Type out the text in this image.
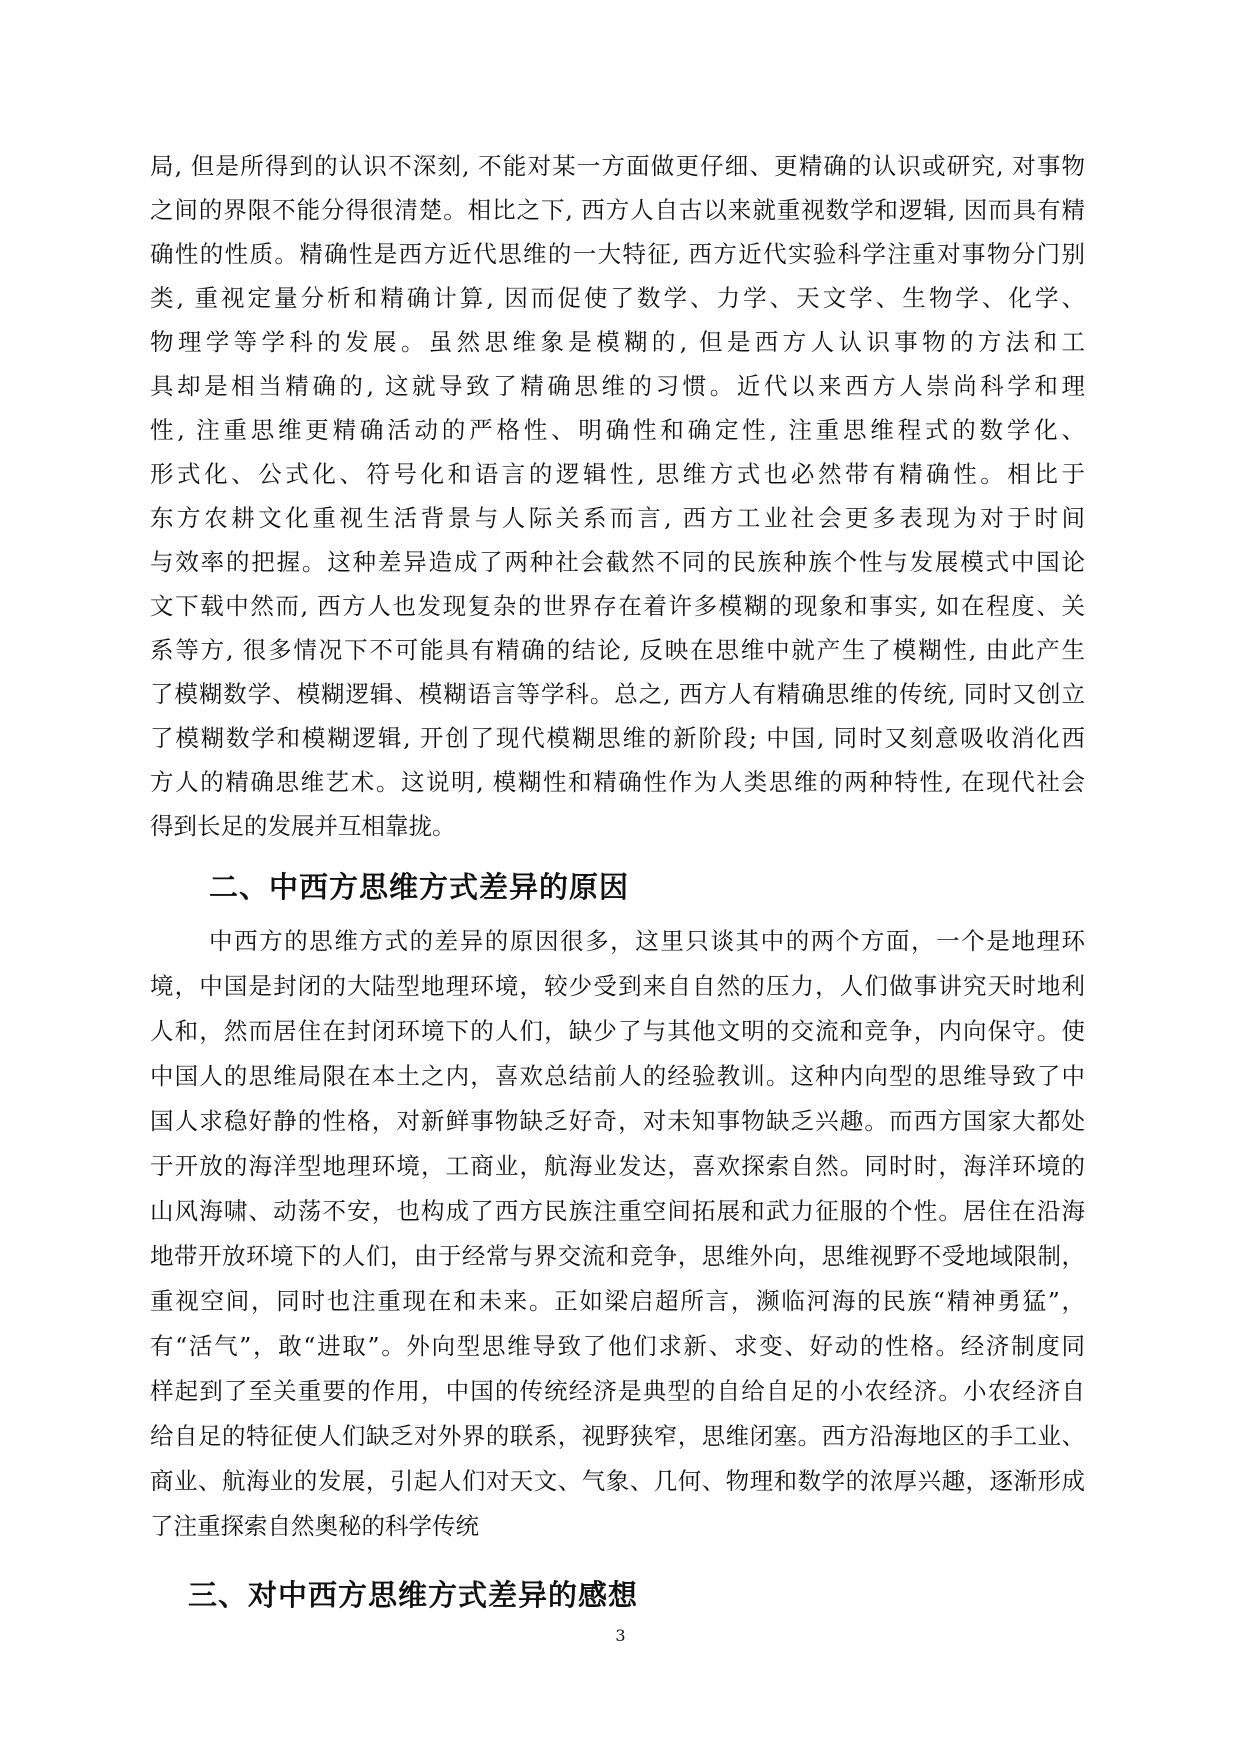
局, 但是所得到的认识不深刻, 不能对某一方面做更仔细、更精确的认识或研究, 对事物
之间的界限不能分得很清楚。相比之下, 西方人自古以来就重视数学和逻辑, 因而具有精
确性的性质。精确性是西方近代思维的一大特征, 西方近代实验科学注重对事物分门别
类, 重视定量分析和精确计算, 因而促使了数学、力学、天文学、生物学、化学、
物理学等学科的发展。虽然思维象是模糊的, 但是西方人认识事物的方法和工
具却是相当精确的, 这就导致了精确思维的习惯。近代以来西方人崇尚科学和理
性, 注重思维更精确活动的严格性、明确性和确定性, 注重思维程式的数学化、
形式化、公式化、符号化和语言的逻辑性, 思维方式也必然带有精确性。相比于
东方农耕文化重视生活背景与人际关系而言, 西方工业社会更多表现为对于时间
与效率的把握。这种差异造成了两种社会截然不同的民族种族个性与发展模式中国论
文下载中然而, 西方人也发现复杂的世界存在着许多模糊的现象和事实, 如在程度、关
系等方, 很多情况下不可能具有精确的结论, 反映在思维中就产生了模糊性, 由此产生
了模糊数学、模糊逻辑、模糊语言等学科。总之, 西方人有精确思维的传统, 同时又创立
了模糊数学和模糊逻辑, 开创了现代模糊思维的新阶段; 中国, 同时又刻意吸收消化西
方人的精确思维艺术。这说明, 模糊性和精确性作为人类思维的两种特性, 在现代社会
得到长足的发展并互相靠拢。
二、中西方思维方式差异的原因
中西方的思维方式的差异的原因很多，这里只谈其中的两个方面，一个是地理环
境，中国是封闭的大陆型地理环境，较少受到来自自然的压力，人们做事讲究天时地利
人和，然而居住在封闭环境下的人们，缺少了与其他文明的交流和竞争，内向保守。使
中国人的思维局限在本土之内，喜欢总结前人的经验教训。这种内向型的思维导致了中
国人求稳好静的性格，对新鲜事物缺乏好奇，对未知事物缺乏兴趣。而西方国家大都处
于开放的海洋型地理环境，工商业，航海业发达，喜欢探索自然。同时时，海洋环境的
山风海啸、动荡不安，也构成了西方民族注重空间拓展和武力征服的个性。居住在沿海
地带开放环境下的人们，由于经常与界交流和竞争，思维外向，思维视野不受地域限制，
重视空间，同时也注重现在和未来。正如梁启超所言，濒临河海的民族“精神勇猛”，
有“活气”，敢“进取”。外向型思维导致了他们求新、求变、好动的性格。经济制度同
样起到了至关重要的作用，中国的传统经济是典型的自给自足的小农经济。小农经济自
给自足的特征使人们缺乏对外界的联系，视野狭窄，思维闭塞。西方沿海地区的手工业、
商业、航海业的发展，引起人们对天文、气象、几何、物理和数学的浓厚兴趣，逐渐形成
了注重探索自然奥秘的科学传统
三、对中西方思维方式差异的感想
3
